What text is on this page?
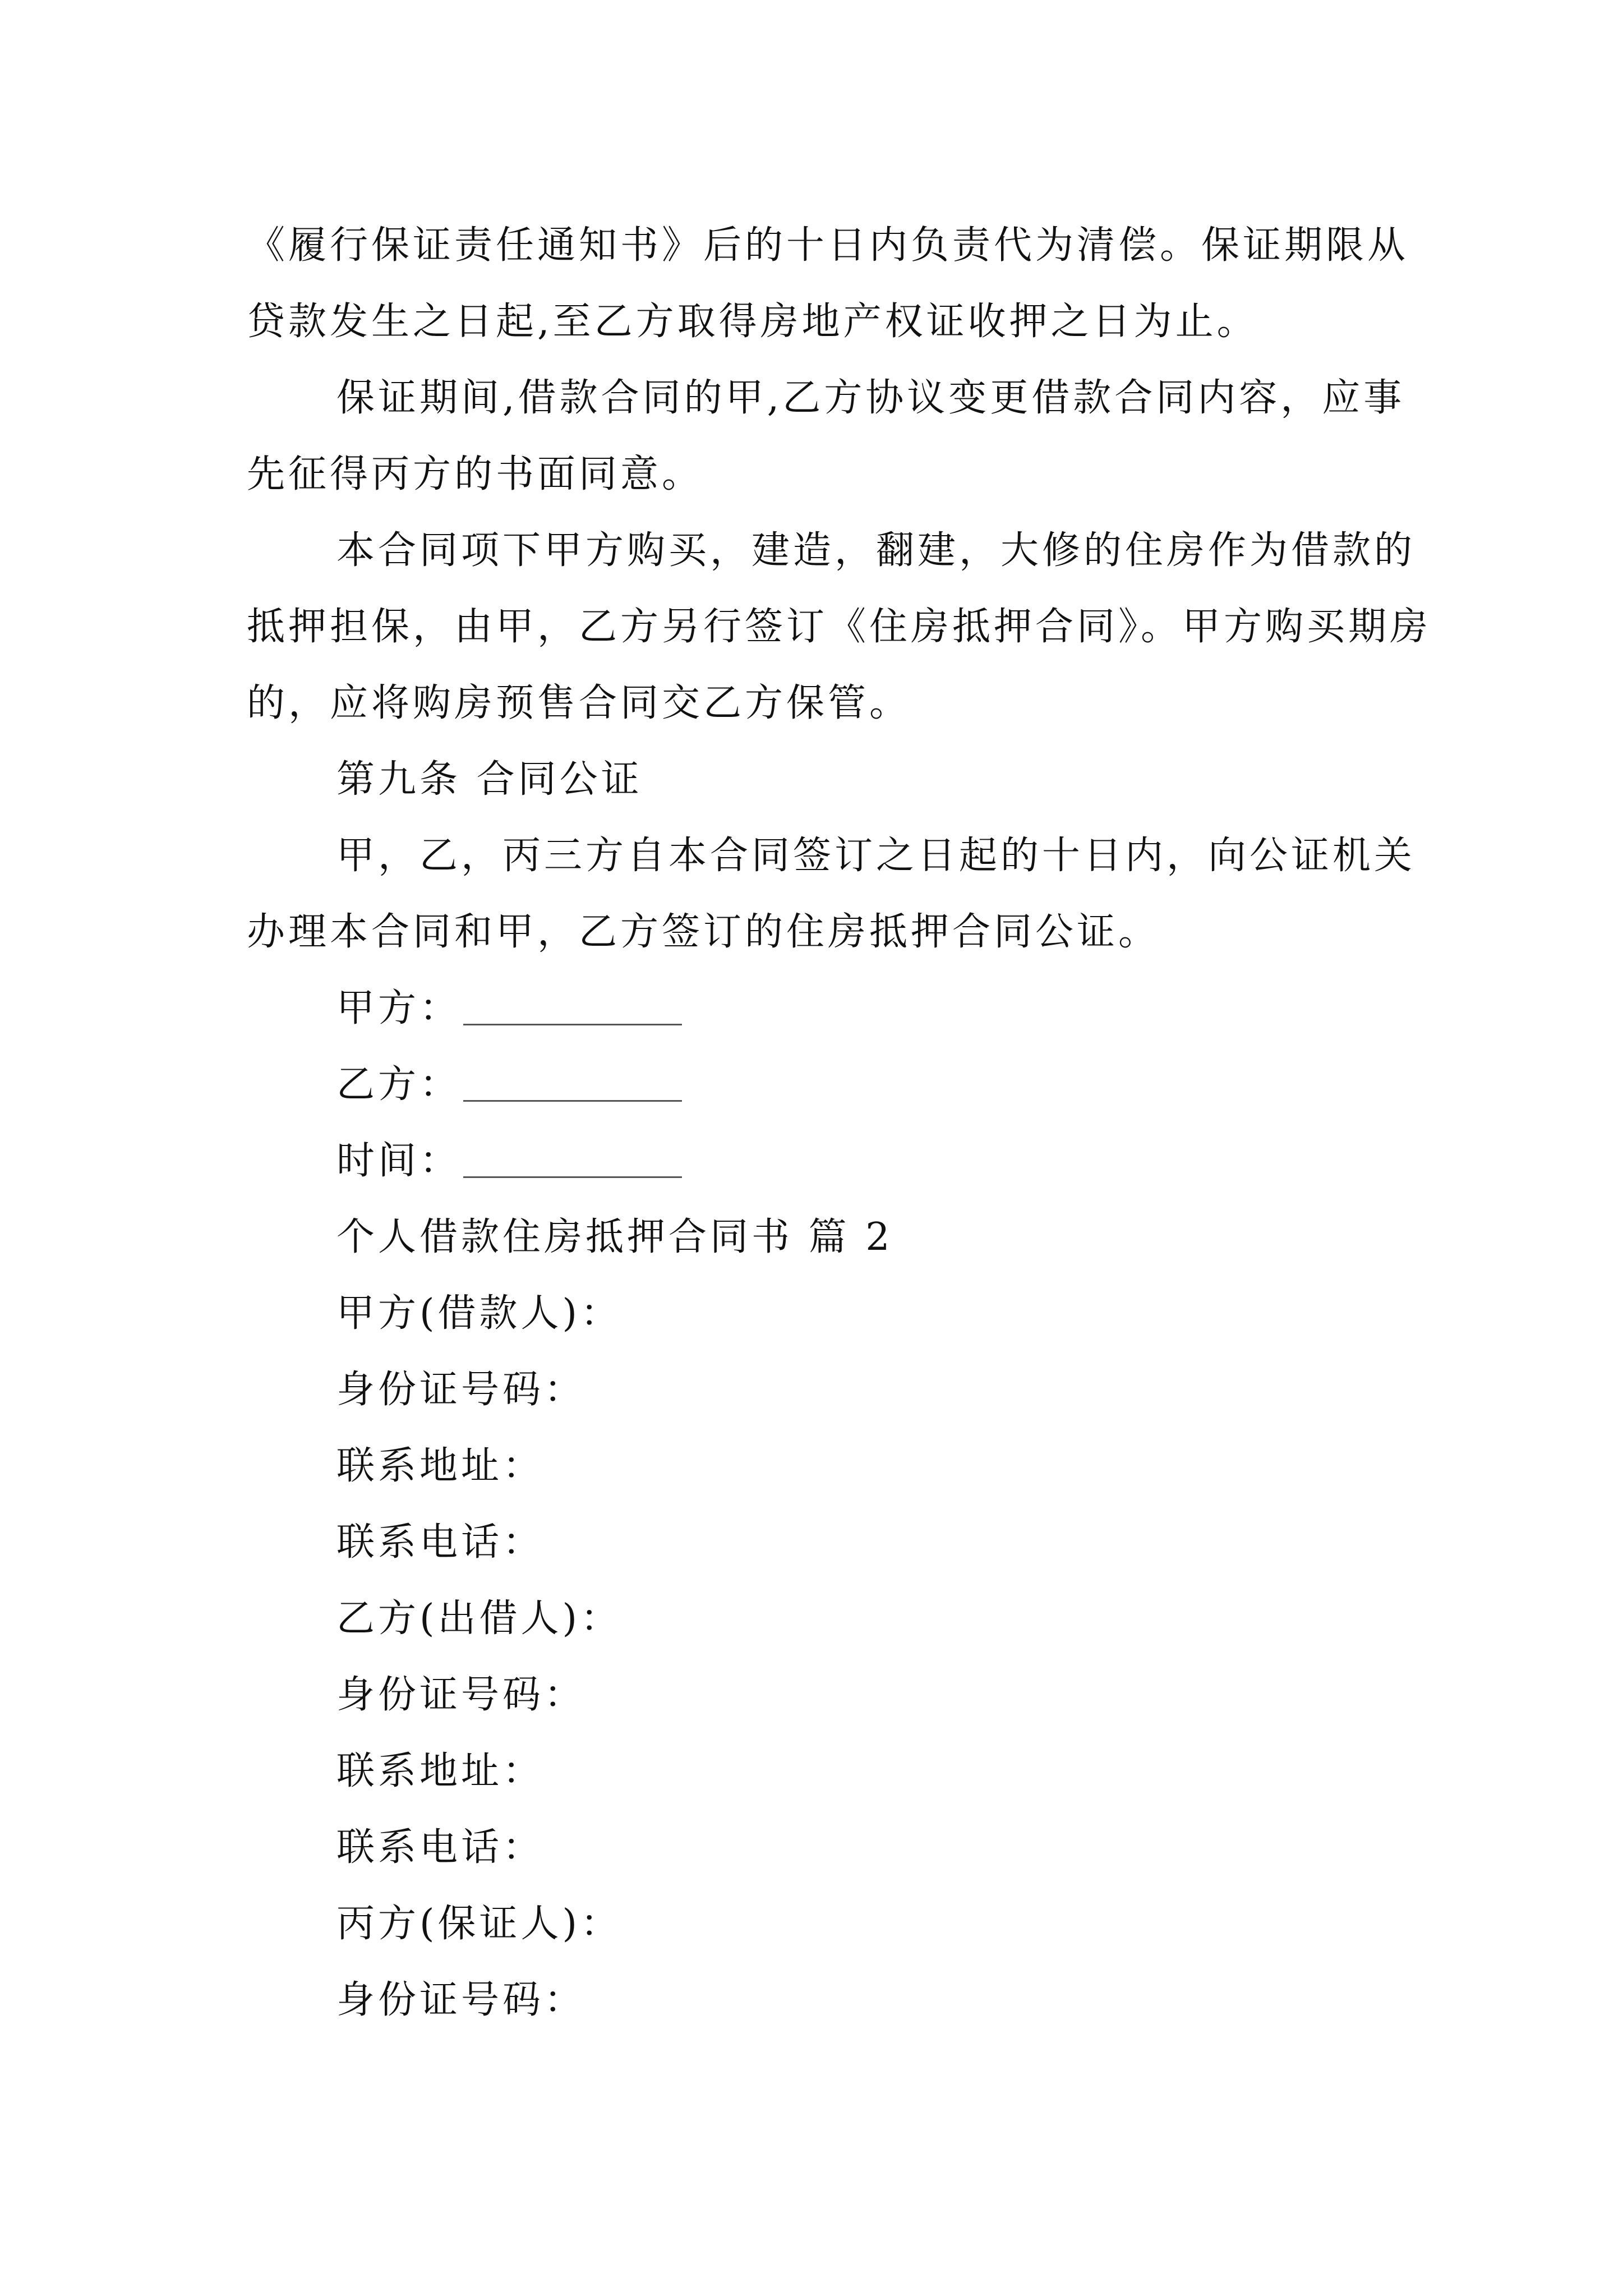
《履行保证责任通知书》后的十日内负责代为清偿。保证期限从贷款发生之日起,至乙方取得房地产权证收押之日为止。

保证期间,借款合同的甲,乙方协议变更借款合同内容，应事先征得丙方的书面同意。

本合同项下甲方购买，建造，翻建，大修的住房作为借款的抵押担保，由甲，乙方另行签订《住房抵押合同》。甲方购买期房的，应将购房预售合同交乙方保管。

第九条 合同公证

甲，乙，丙三方自本合同签订之日起的十日内，向公证机关办理本合同和甲，乙方签订的住房抵押合同公证。

甲方：
乙方：
时间：

个人借款住房抵押合同书 篇 2

甲方(借款人)：

身份证号码：

联系地址：

联系电话：

乙方(出借人)：

身份证号码：

联系地址：

联系电话：

丙方(保证人)：

身份证号码：
